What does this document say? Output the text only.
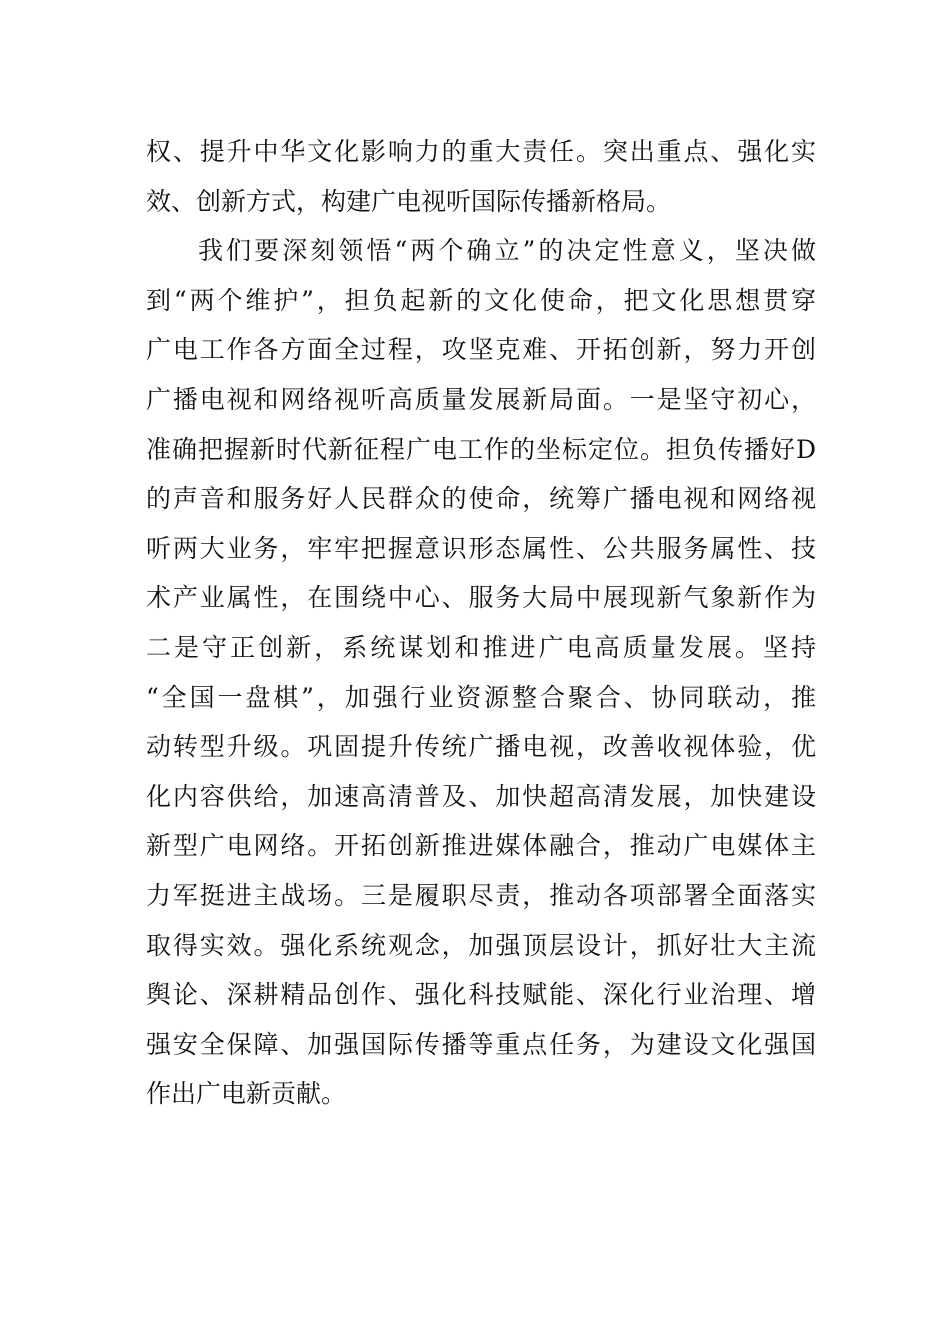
权、提升中华文化影响力的重大责任。突出重点、强化实
效、创新方式，构建广电视听国际传播新格局。
我们要深刻领悟“两个确立”的决定性意义，坚决做
到“两个维护”，担负起新的文化使命，把文化思想贯穿
广电工作各方面全过程，攻坚克难、开拓创新，努力开创
广播电视和网络视听高质量发展新局面。一是坚守初心，
准确把握新时代新征程广电工作的坐标定位。担负传播好D
的声音和服务好人民群众的使命，统筹广播电视和网络视
听两大业务，牢牢把握意识形态属性、公共服务属性、技
术产业属性，在围绕中心、服务大局中展现新气象新作为
二是守正创新，系统谋划和推进广电高质量发展。坚持
“全国一盘棋”，加强行业资源整合聚合、协同联动，推
动转型升级。巩固提升传统广播电视，改善收视体验，优
化内容供给，加速高清普及、加快超高清发展，加快建设
新型广电网络。开拓创新推进媒体融合，推动广电媒体主
力军挺进主战场。三是履职尽责，推动各项部署全面落实
取得实效。强化系统观念，加强顶层设计，抓好壮大主流
舆论、深耕精品创作、强化科技赋能、深化行业治理、增
强安全保障、加强国际传播等重点任务，为建设文化强国
作出广电新贡献。
